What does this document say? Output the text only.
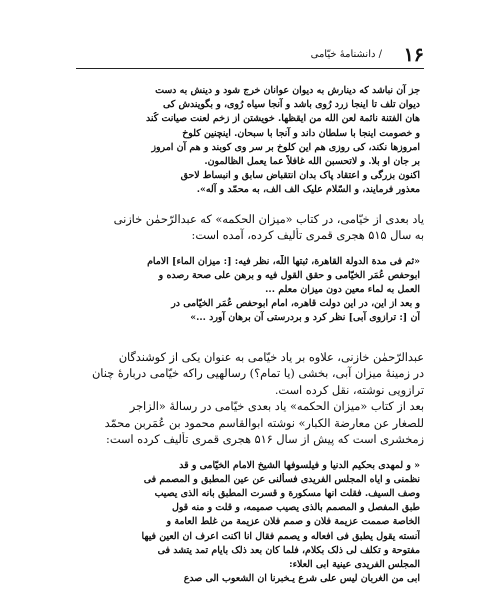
۱۶
/ دانشنامهٔ خیّامی
جز آن نباشد که دینارش به دیوان عوانان خرج شود و دینش به دست
دیوان تلف تا اینجا زرد رُوی باشد و آنجا سیاه رُوی، و بگویندش کی
هان الفتنة نائمة لعن الله من ایقظها. خویشتن از زخم لعنت صیانت کُند
و خصومت اینجا با سلطان داند و آنجا با سبحان. اینچنین کلوخ
امروزها نکند، کی روزی هم این کلوخ بر سر وی کوبند و هم آن امروز
بر جان او بلا. و لاتحسبن الله غافلاً عما یعمل الظالمون.
اکنون بزرگی و اعتقاد پاک بدان انتقباض سابق و انبساط لاحق
معذور فرمایند، و السّلام علیک الف الف، به محمّد و آله».
یاد بعدی از خیّامی، در کتاب «میزان الحکمه» که عبدالرّحمٰن خازنی
به سال ۵۱۵ هجری قمری تألیف کرده، آمده است:
«ثم فی مدة الدولة القاهرة، ثبتها اللّٰه، نظر فیه: [: میزان الماء] الامام
ابوحفص عُمَر الخیّامی و حقق القول فیه و برهن علی صحة رصده و
العمل به لماء معین دون میزان معلم ...
و بعد از این، در این دولت قاهره، امام ابوحفص عُمَر الخیّامی در
آن [: ترازوی آبی] نظر کرد و بردرستی آن برهان آورد ...»
عبدالرّحمٰن خازنی، علاوه بر یاد خیّامی به عنوان یکی از کوشندگان
در زمینهٔ میزان آبی، بخشی (یا تمام؟) رسالهیی راکه خیّامی دربارهٔ چنان
ترازویی نوشته، نقل کرده است.
بعد از کتاب «میزان الحکمه» یاد بعدی خیّامی در رسالهٔ «الزاجر
للصغار عن معارضة الکبار» نوشته ابوالقاسم محمود بن عُمَربن محمّد
زمخشری است که پیش از سال ۵۱۶ هجری قمری تألیف کرده است:
« و لمهدی بحکیم الدنیا و فیلسوفها الشیخ الامام الخیّامی و قد
نظمنی و ایاه المجلس الفریدی فسألنی عن عین المطبق و المصمم فی
وصف السیف. فقلت انها مسکورة و قسرت المطبق بانه الذی یصیب
طبق المفصل و المصمم بالذی یصیب صمیمه، و قلت و منه قول
الخاصة صممت عزیمة فلان و صمم فلان عزیمة من غلط العامة و
آنسته یقول یطبق فی افعاله و یصمم فقال انا اکنت اعرف ان العین فیها
مفتوحة و تکلف لی ذلک بکلام، فلما کان بعد ذلک بایام تمد یتشد فی
المجلس الفریدی عینیة ابی العلاء:
ابی من الغربان لیس علی شرع یـخبرنا ان الشعوب الی صدع
